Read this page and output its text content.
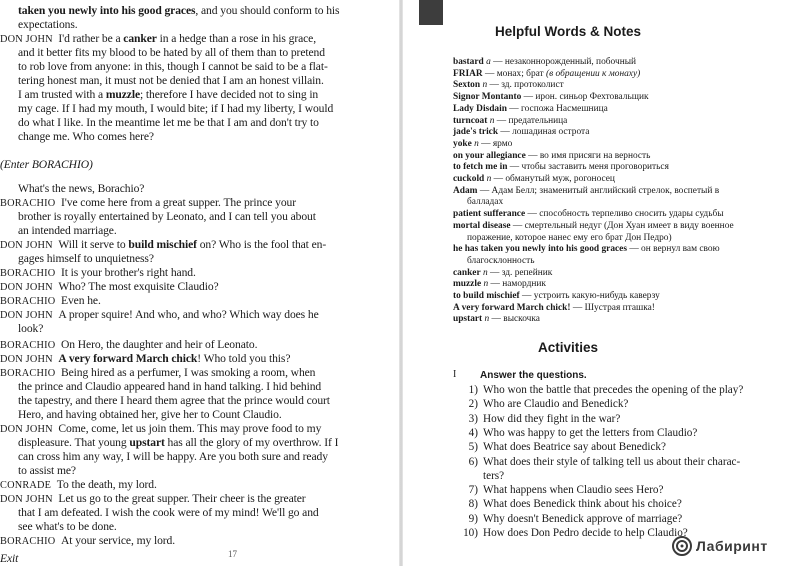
taken you newly into his good graces, and you should conform to his
expectations.
DON JOHN I'd rather be a canker in a hedge than a rose in his grace,
and it better fits my blood to be hated by all of them than to pretend
to rob love from anyone: in this, though I cannot be said to be a flat-
tering honest man, it must not be denied that I am an honest villain.
I am trusted with a muzzle; therefore I have decided not to sing in
my cage. If I had my mouth, I would bite; if I had my liberty, I would
do what I like. In the meantime let me be that I am and don't try to
change me. Who comes here?
(Enter BORACHIO)
What's the news, Borachio?
BORACHIO I've come here from a great supper. The prince your
brother is royally entertained by Leonato, and I can tell you about
an intended marriage.
DON JOHN Will it serve to build mischief on? Who is the fool that en-
gages himself to unquietness?
BORACHIO It is your brother's right hand.
DON JOHN Who? The most exquisite Claudio?
BORACHIO Even he.
DON JOHN A proper squire! And who, and who? Which way does he
look?
BORACHIO On Hero, the daughter and heir of Leonato.
DON JOHN A very forward March chick! Who told you this?
BORACHIO Being hired as a perfumer, I was smoking a room, when
the prince and Claudio appeared hand in hand talking. I hid behind
the tapestry, and there I heard them agree that the prince would court
Hero, and having obtained her, give her to Count Claudio.
DON JOHN Come, come, let us join them. This may prove food to my
displeasure. That young upstart has all the glory of my overthrow. If I
can cross him any way, I will be happy. Are you both sure and ready
to assist me?
CONRADE To the death, my lord.
DON JOHN Let us go to the great supper. Their cheer is the greater
that I am defeated. I wish the cook were of my mind! We'll go and
see what's to be done.
BORACHIO At your service, my lord.
Exit	17
Helpful Words & Notes
bastard a — незаконнорожденный, побочный
FRIAR — монах; брат (в обращении к монаху)
Sexton n — зд. протоколист
Signor Montanto — ирон. синьор Фехтовальщик
Lady Disdain — госпожа Насмешница
turncoat n — предательница
jade's trick — лошадиная острота
yoke n — ярмо
on your allegiance — во имя присяги на верность
to fetch me in — чтобы заставить меня проговориться
cuckold n — обманутый муж, рогоносец
Adam — Адам Белл; знаменитый английский стрелок, воспетый в
балладах
patient sufferance — способность терпеливо сносить удары судьбы
mortal disease — смертельный недуг (Дон Хуан имеет в виду военное
поражение, которое нанес ему его брат Дон Педро)
he has taken you newly into his good graces — он вернул вам свою
благосклонность
canker n — зд. репейник
muzzle n — намордник
to build mischief — устроить какую-нибудь каверзу
A very forward March chick! — Шустрая пташка!
upstart n — выскочка
Activities
I Answer the questions.
1) Who won the battle that precedes the opening of the play?
2) Who are Claudio and Benedick?
3) How did they fight in the war?
4) Who was happy to get the letters from Claudio?
5) What does Beatrice say about Benedick?
6) What does their style of talking tell us about their charac-
ters?
7) What happens when Claudio sees Hero?
8) What does Benedick think about his choice?
9) Why doesn't Benedick approve of marriage?
10) How does Don Pedro decide to help Claudio?
Лабиринт
